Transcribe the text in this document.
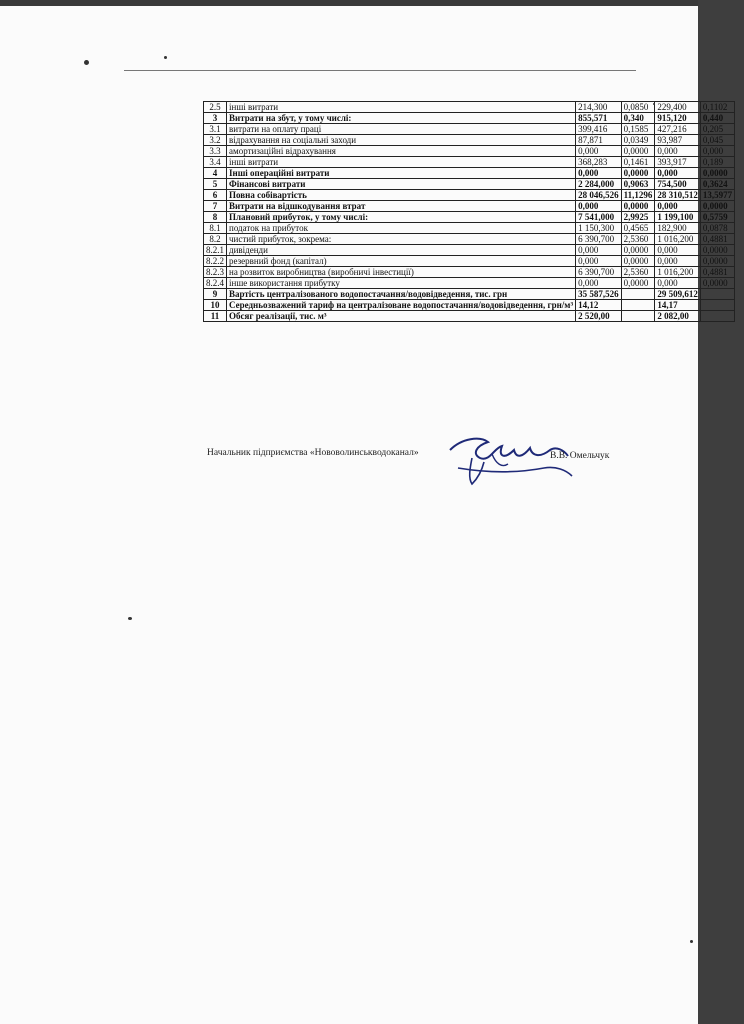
2.5	інші витрати	214,300	0,0850	229,400	0,1102
3	Витрати на збут, у тому числі:	855,571	0,340	915,120	0,440
3.1	витрати на оплату праці	399,416	0,1585	427,216	0,205
3.2	відрахування на соціальні заходи	87,871	0,0349	93,987	0,045
3.3	амортизаційні відрахування	0,000	0,0000	0,000	0,000
3.4	інші витрати	368,283	0,1461	393,917	0,189
4	Інші операційні витрати	0,000	0,0000	0,000	0,0000
5	Фінансові витрати	2 284,000	0,9063	754,500	0,3624
6	Повна собівартість	28 046,526	11,1296	28 310,512	13,5977
7	Витрати на відшкодування втрат	0,000	0,0000	0,000	0,0000
8	Плановий прибуток, у тому числі:	7 541,000	2,9925	1 199,100	0,5759
8.1	податок на прибуток	1 150,300	0,4565	182,900	0,0878
8.2	чистий прибуток, зокрема:	6 390,700	2,5360	1 016,200	0,4881
8.2.1	дивіденди	0,000	0,0000	0,000	0,0000
8.2.2	резервний фонд (капітал)	0,000	0,0000	0,000	0,0000
8.2.3	на розвиток виробництва (виробничі інвестиції)	6 390,700	2,5360	1 016,200	0,4881
8.2.4	інше використання прибутку	0,000	0,0000	0,000	0,0000
9	Вартість централізованого водопостачання/водовідведення, тис. грн	35 587,526		29 509,612	
10	Середньозважений тариф на централізоване водопостачання/водовідведення, грн/м³	14,12		14,17	
11	Обсяг реалізації, тис. м³	2 520,00		2 082,00	
Начальник підприємства «Нововолинськводоканал»	В.В. Омельчук
